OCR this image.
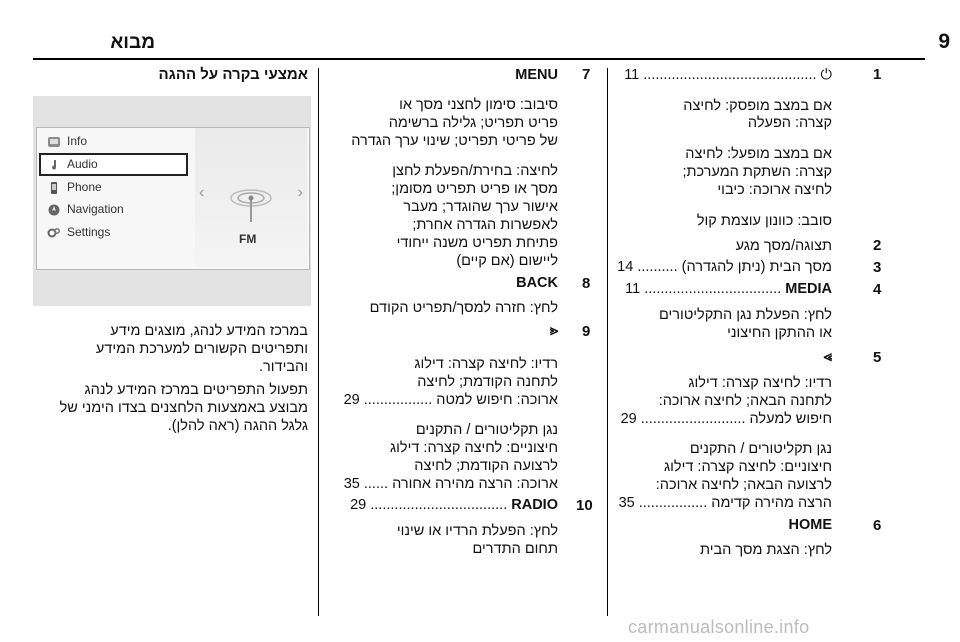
מבוא	9
1
11 ........................................... ⏻
אם במצב מופסק: לחיצה
קצרה: הפעלה
אם במצב מופעל: לחיצה
קצרה: השתקת המערכת;
לחיצה ארוכה: כיבוי
סובב: כוונון עוצמת קול
2
תצוגה/מסך מגע
3
מסך הבית (ניתן להגדרה) 14 ..........
4
MEDIA 11 ..................................
לחץ: הפעלת נגן התקליטורים
או ההתקן החיצוני
5
⪢
רדיו: לחיצה קצרה: דילוג
לתחנה הבאה; לחיצה ארוכה:
חיפוש למעלה 29 ..........................
נגן תקליטורים / התקנים
חיצוניים: לחיצה קצרה: דילוג
לרצועה הבאה; לחיצה ארוכה:
הרצה מהירה קדימה 35 .................
6
HOME
לחץ: הצגת מסך הבית
7
MENU
סיבוב: סימון לחצני מסך או
פריט תפריט; גלילה ברשימה
של פריטי תפריט; שינוי ערך הגדרה
לחיצה: בחירת/הפעלת לחצן
מסך או פריט תפריט מסומן;
אישור ערך שהוגדר; מעבר
לאפשרות הגדרה אחרת;
פתיחת תפריט משנה ייחודי
ליישום (אם קיים)
8
BACK
לחץ: חזרה למסך/תפריט הקודם
9
⪡
רדיו: לחיצה קצרה: דילוג
לתחנה הקודמת; לחיצה
ארוכה: חיפוש למטה 29 .................
נגן תקליטורים / התקנים
חיצוניים: לחיצה קצרה: דילוג
לרצועה הקודמת; לחיצה
ארוכה: הרצה מהירה אחורה 35 ......
10
RADIO 29 ..................................
לחץ: הפעלת הרדיו או שינוי
תחום התדרים
אמצעי בקרה על ההגה
Info
Audio
Phone
Navigation
Settings
‹	›
FM
במרכז המידע לנהג, מוצגים מידע
ותפריטים הקשורים למערכת המידע
והבידור.
תפעול התפריטים במרכז המידע לנהג
מבוצע באמצעות הלחצנים בצדו הימני של
גלגל ההגה (ראה להלן).
carmanualsonline.info
